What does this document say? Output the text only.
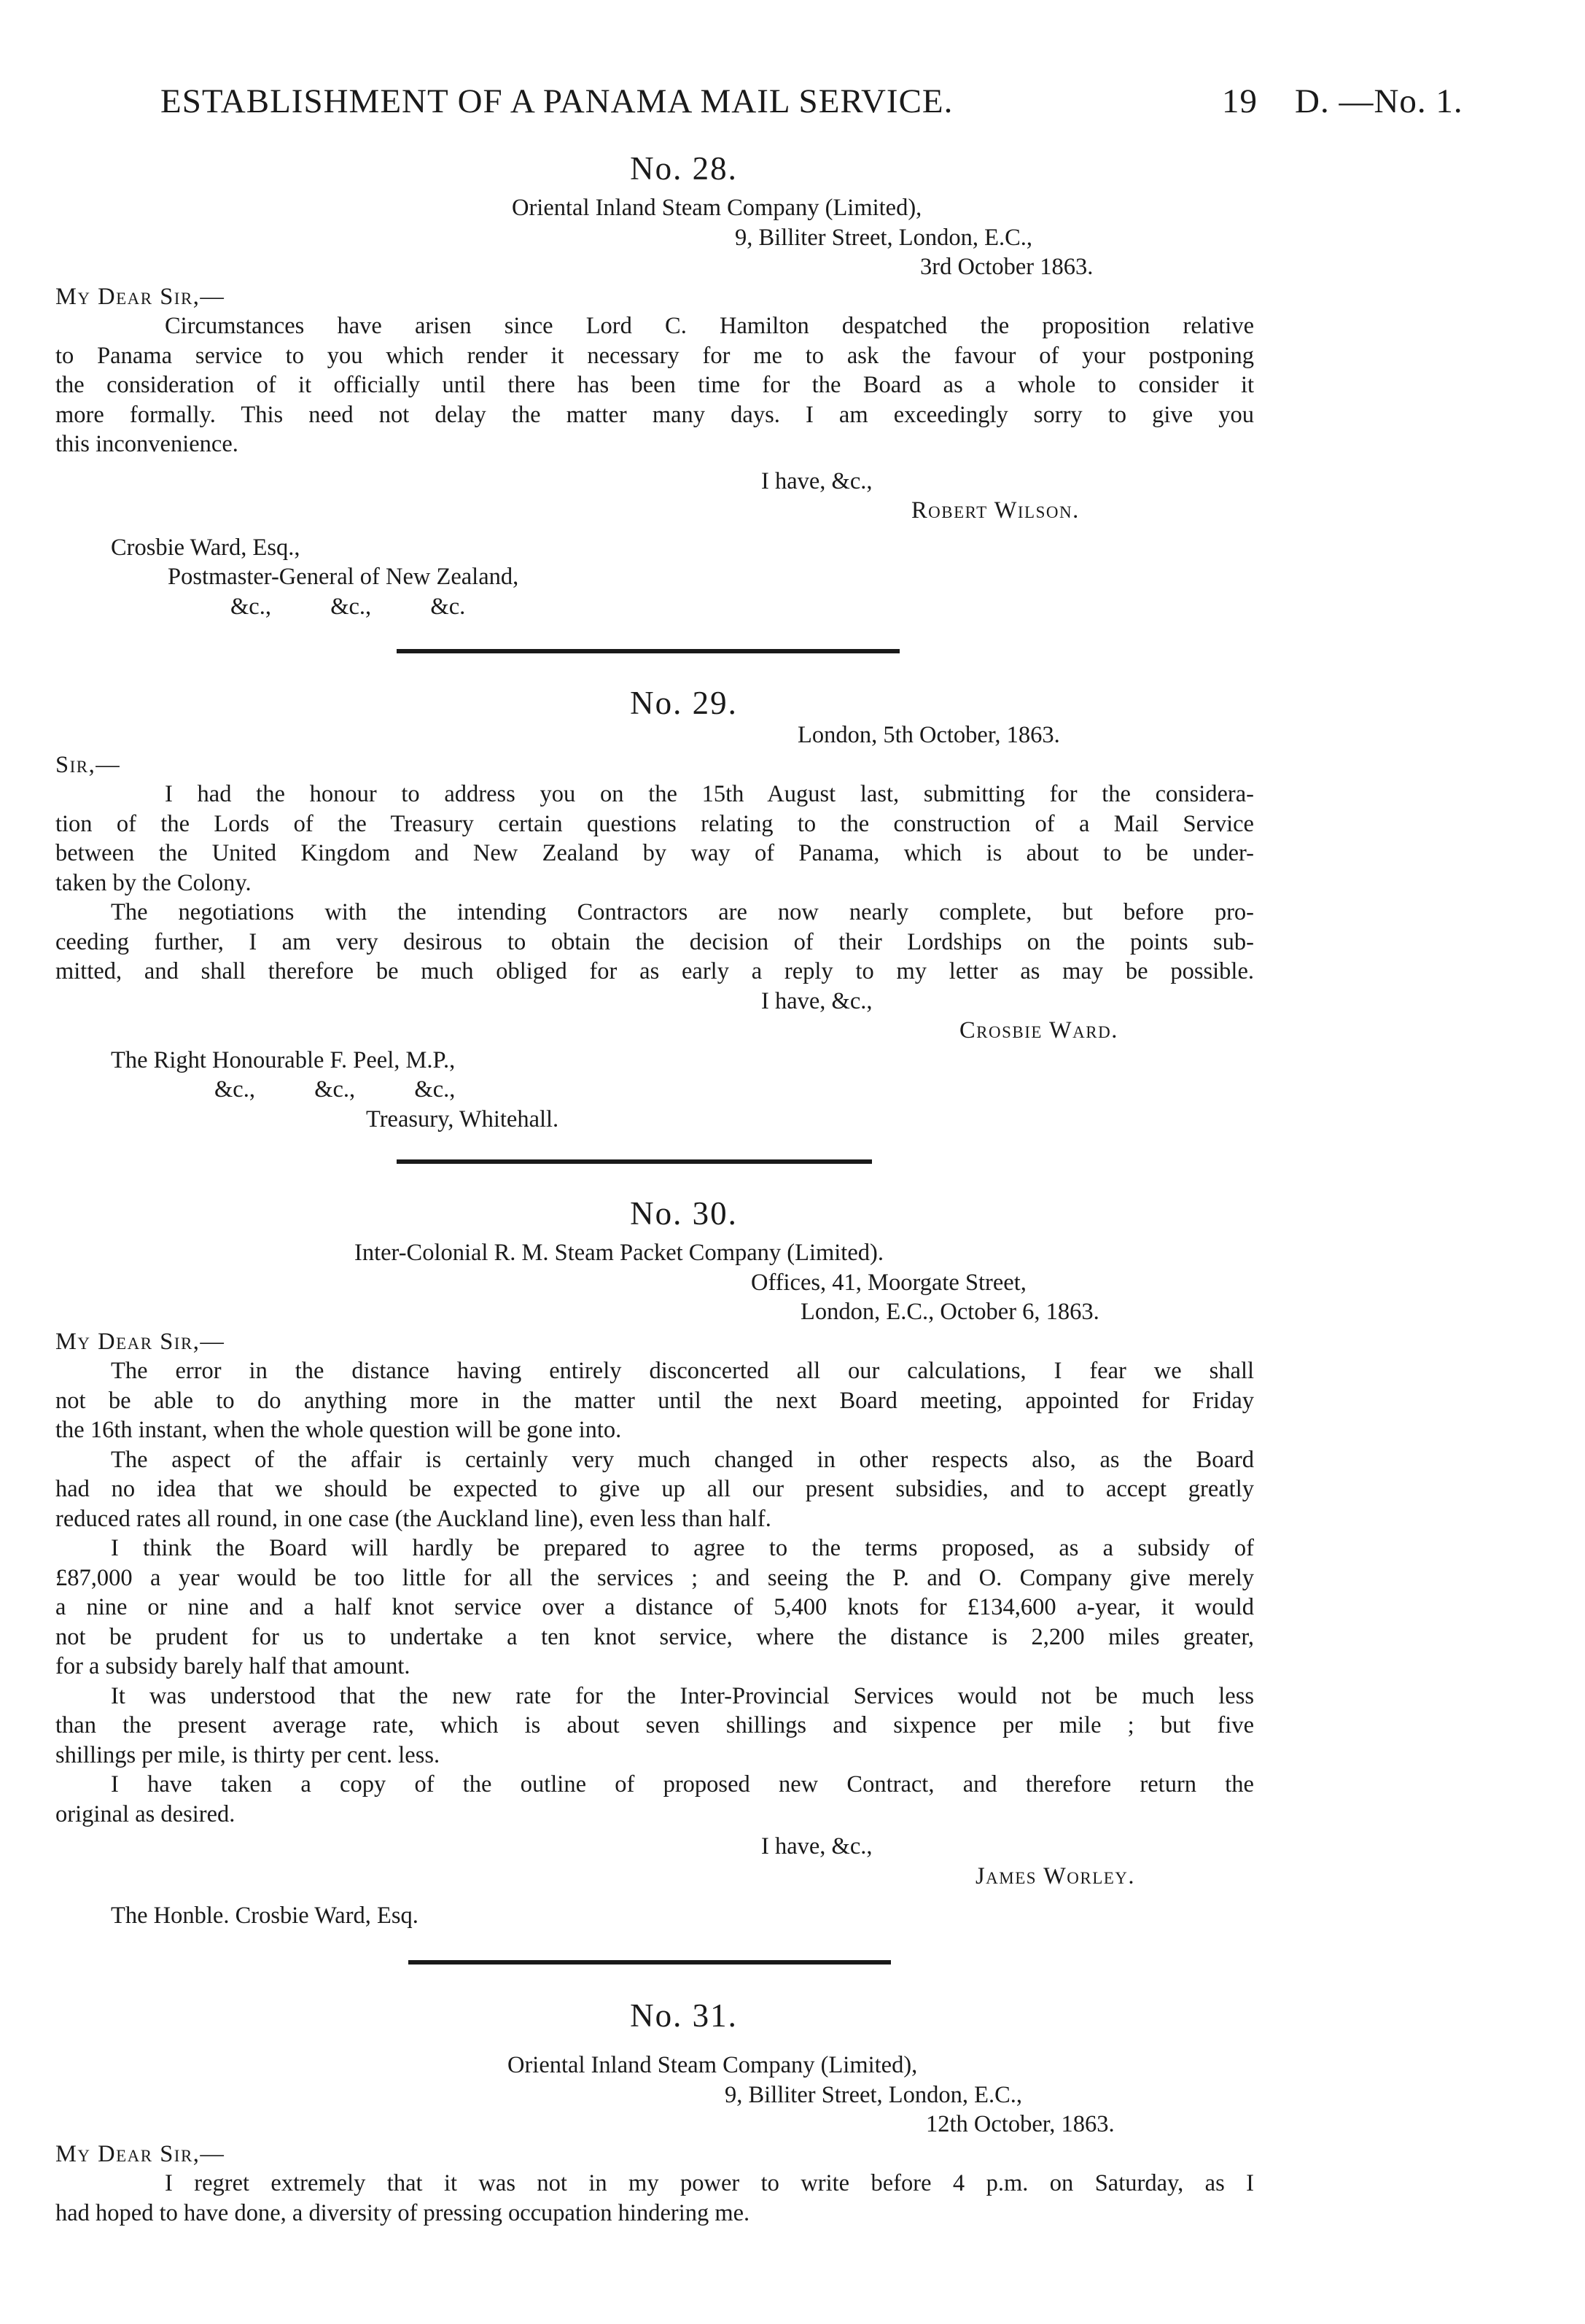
ESTABLISHMENT OF A PANAMA MAIL SERVICE.	19 D. —No. 1.
No. 28.
Oriental Inland Steam Company (Limited),
9, Billiter Street, London, E.C.,
3rd October 1863.
My Dear Sir,—
Circumstances have arisen since Lord C. Hamilton despatched the proposition relative
to Panama service to you which render it necessary for me to ask the favour of your postponing
the consideration of it officially until there has been time for the Board as a whole to consider it
more formally. This need not delay the matter many days. I am exceedingly sorry to give you
this inconvenience.
I have, &c.,
Robert Wilson.
Crosbie Ward, Esq.,
Postmaster-General of New Zealand,
&c.,          &c.,          &c.
No. 29.
London, 5th October, 1863.
Sir,—
I had the honour to address you on the 15th August last, submitting for the considera-
tion of the Lords of the Treasury certain questions relating to the construction of a Mail Service
between the United Kingdom and New Zealand by way of Panama, which is about to be under-
taken by the Colony.
The negotiations with the intending Contractors are now nearly complete, but before pro-
ceeding further, I am very desirous to obtain the decision of their Lordships on the points sub-
mitted, and shall therefore be much obliged for as early a reply to my letter as may be possible.
I have, &c.,
Crosbie Ward.
The Right Honourable F. Peel, M.P.,
&c.,          &c.,          &c.,
Treasury, Whitehall.
No. 30.
Inter-Colonial R. M. Steam Packet Company (Limited).
Offices, 41, Moorgate Street,
London, E.C., October 6, 1863.
My Dear Sir,—
The error in the distance having entirely disconcerted all our calculations, I fear we shall
not be able to do anything more in the matter until the next Board meeting, appointed for Friday
the 16th instant, when the whole question will be gone into.
The aspect of the affair is certainly very much changed in other respects also, as the Board
had no idea that we should be expected to give up all our present subsidies, and to accept greatly
reduced rates all round, in one case (the Auckland line), even less than half.
I think the Board will hardly be prepared to agree to the terms proposed, as a subsidy of
£87,000 a year would be too little for all the services ; and seeing the P. and O. Company give merely
a nine or nine and a half knot service over a distance of 5,400 knots for £134,600 a-year, it would
not be prudent for us to undertake a ten knot service, where the distance is 2,200 miles greater,
for a subsidy barely half that amount.
It was understood that the new rate for the Inter-Provincial Services would not be much less
than the present average rate, which is about seven shillings and sixpence per mile ; but five
shillings per mile, is thirty per cent. less.
I have taken a copy of the outline of proposed new Contract, and therefore return the
original as desired.
I have, &c.,
James Worley.
The Honble. Crosbie Ward, Esq.
No. 31.
Oriental Inland Steam Company (Limited),
9, Billiter Street, London, E.C.,
12th October, 1863.
My Dear Sir,—
I regret extremely that it was not in my power to write before 4 p.m. on Saturday, as I
had hoped to have done, a diversity of pressing occupation hindering me.
